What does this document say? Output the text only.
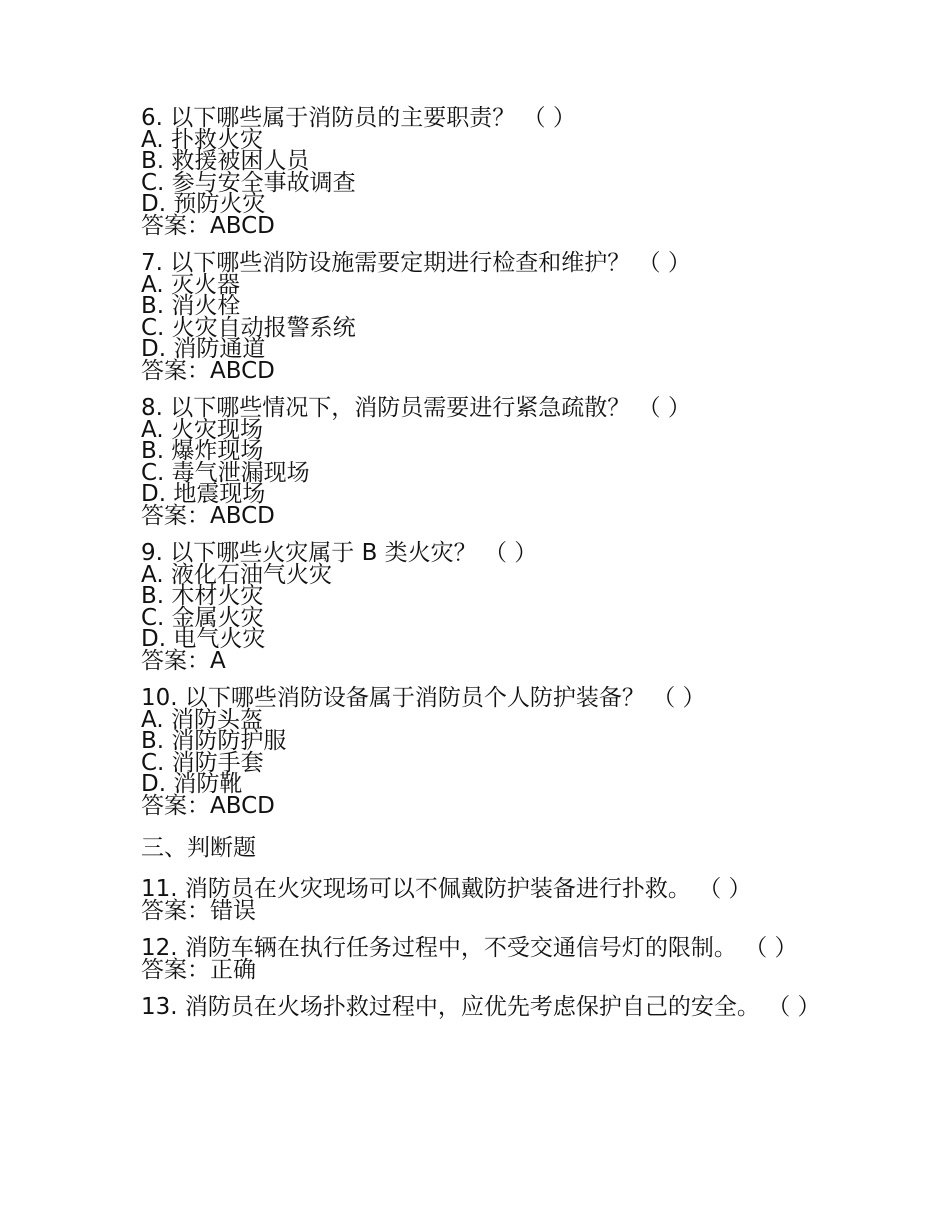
6. 以下哪些属于消防员的主要职责？ （ ）
A. 扑救火灾
B. 救援被困人员
C. 参与安全事故调查
D. 预防火灾
答案：ABCD
7. 以下哪些消防设施需要定期进行检查和维护？ （ ）
A. 灭火器
B. 消火栓
C. 火灾自动报警系统
D. 消防通道
答案：ABCD
8. 以下哪些情况下，消防员需要进行紧急疏散？ （ ）
A. 火灾现场
B. 爆炸现场
C. 毒气泄漏现场
D. 地震现场
答案：ABCD
9. 以下哪些火灾属于 B 类火灾？ （ ）
A. 液化石油气火灾
B. 木材火灾
C. 金属火灾
D. 电气火灾
答案：A
10. 以下哪些消防设备属于消防员个人防护装备？ （ ）
A. 消防头盔
B. 消防防护服
C. 消防手套
D. 消防靴
答案：ABCD
三、判断题
11. 消防员在火灾现场可以不佩戴防护装备进行扑救。 （ ）
答案：错误
12. 消防车辆在执行任务过程中，不受交通信号灯的限制。 （ ）
答案：正确
13. 消防员在火场扑救过程中，应优先考虑保护自己的安全。 （ ）
